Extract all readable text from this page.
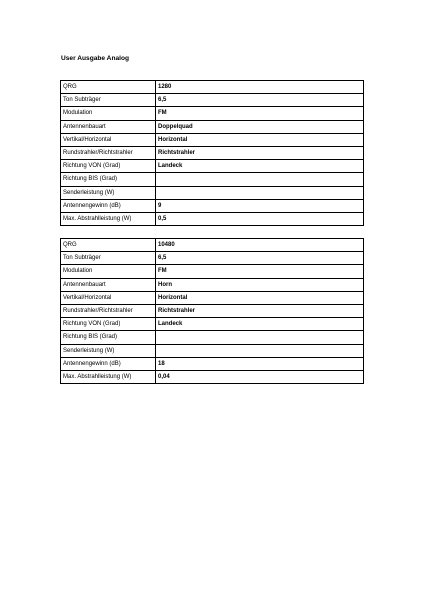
User Ausgabe Analog
QRG	1280
Ton Subträger	6,5
Modulation	FM
Antennenbauart	Doppelquad
Vertikal/Horizontal	Horizontal
Rundstrahler/Richtstrahler	Richtstrahler
Richtung VON (Grad)	Landeck
Richtung BIS (Grad)	
Senderleistung (W)	
Antennengewinn (dB)	9
Max. Abstrahlleistung (W)	0,5
QRG	10480
Ton Subträger	6,5
Modulation	FM
Antennenbauart	Horn
Vertikal/Horizontal	Horizontal
Rundstrahler/Richtstrahler	Richtstrahler
Richtung VON (Grad)	Landeck
Richtung BIS (Grad)	
Senderleistung (W)	
Antennengewinn (dB)	18
Max. Abstrahlleistung (W)	0,04
